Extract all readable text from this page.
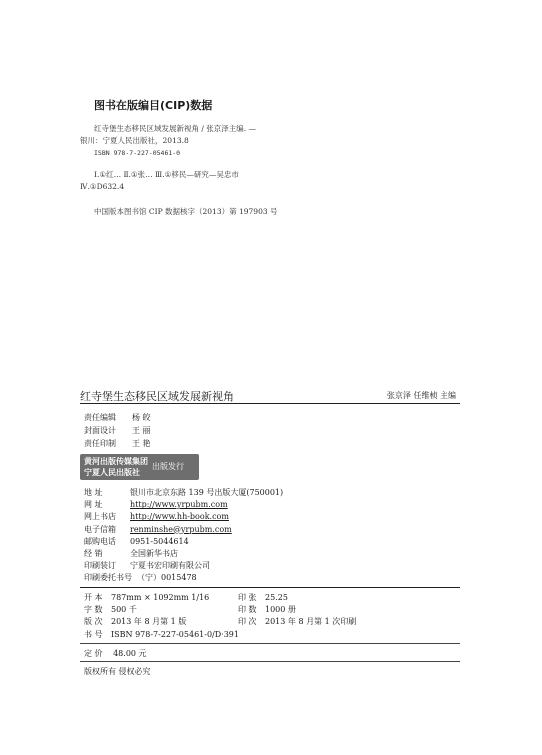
图书在版编目(CIP)数据
红寺堡生态移民区域发展新视角 / 张京泽主编. —
银川：宁夏人民出版社，2013.8
ISBN 978-7-227-05461-0
Ⅰ.①红… Ⅱ.①张… Ⅲ.①移民—研究—吴忠市
Ⅳ.①D632.4
中国版本图书馆 CIP 数据核字（2013）第 197903 号
红寺堡生态移民区域发展新视角	张京泽 任维桢 主编
责任编辑	杨 皎
封面设计	王 丽
责任印制	王 艳
黄河出版传媒集团
宁夏人民出版社
出版发行
地 址	银川市北京东路 139 号出版大厦(750001)
网 址	http://www.yrpubm.com
网上书店	http://www.hh-book.com
电子信箱	renminshe@yrpubm.com
邮购电话	0951-5044614
经 销	全国新华书店
印刷装订	宁夏书宏印刷有限公司
印刷委托书号 （宁）0015478
开 本	787mm × 1092mm 1/16	印 张	25.25
字 数	500 千	印 数	1000 册
版 次	2013 年 8 月第 1 版	印 次	2013 年 8 月第 1 次印刷
书 号	ISBN 978-7-227-05461-0/D·391
定 价 48.00 元
版权所有 侵权必究
